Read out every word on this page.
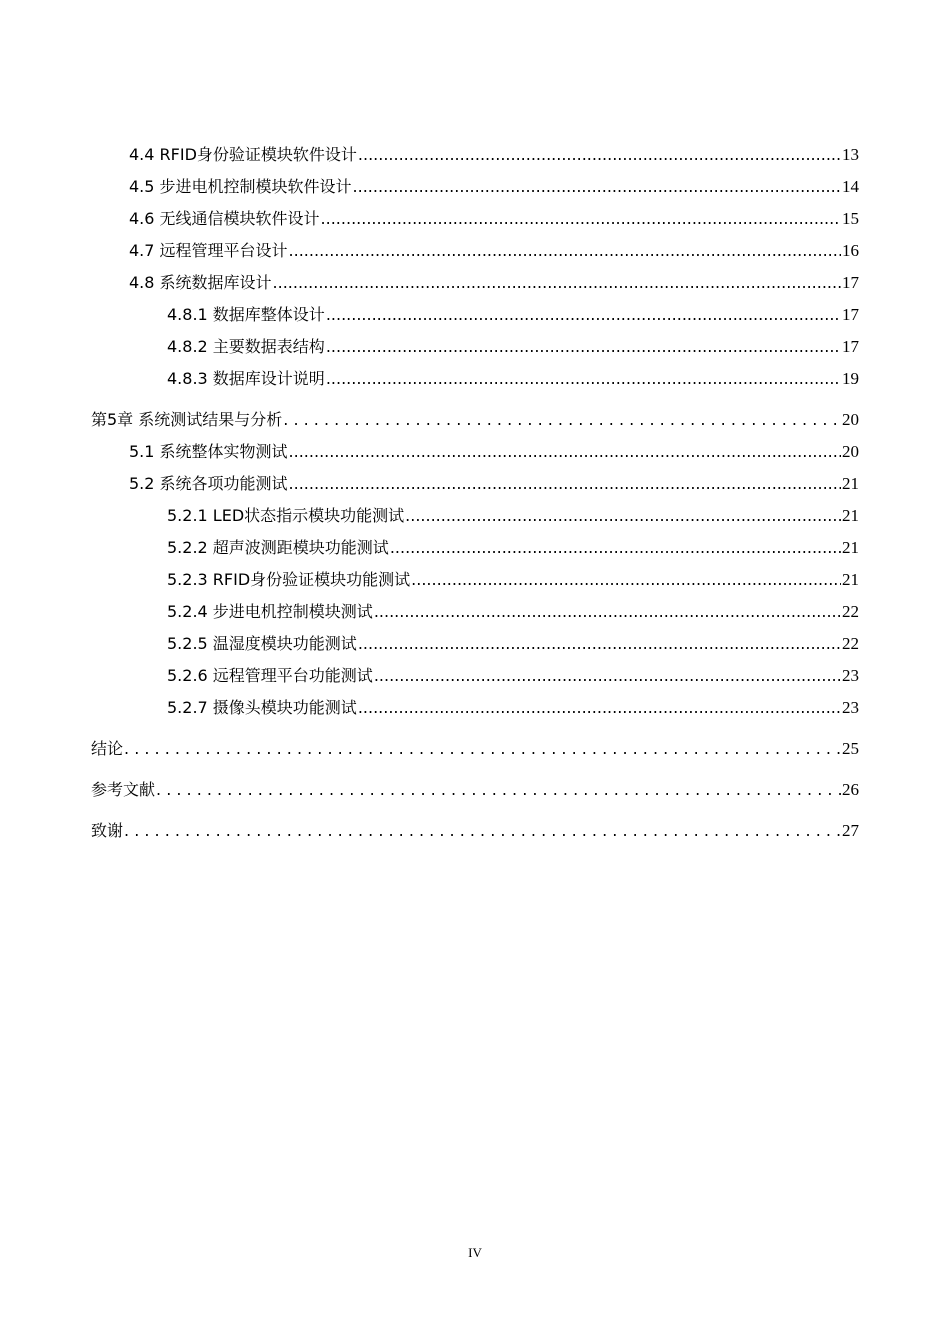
4.4 RFID身份验证模块软件设计 .....	13
4.5 步进电机控制模块软件设计 .....	14
4.6 无线通信模块软件设计 .....	15
4.7 远程管理平台设计 .....	16
4.8 系统数据库设计 .....	17
4.8.1 数据库整体设计 .....	17
4.8.2 主要数据表结构 .....	17
4.8.3 数据库设计说明 .....	19
第5章 系统测试结果与分析 . . .	20
5.1 系统整体实物测试 .....	20
5.2 系统各项功能测试 .....	21
5.2.1 LED状态指示模块功能测试 .....	21
5.2.2 超声波测距模块功能测试 .....	21
5.2.3 RFID身份验证模块功能测试 .....	21
5.2.4 步进电机控制模块测试 .....	22
5.2.5 温湿度模块功能测试 .....	22
5.2.6 远程管理平台功能测试 .....	23
5.2.7 摄像头模块功能测试 .....	23
结论 . . .	25
参考文献 . . .	26
致谢 . . .	27
IV
